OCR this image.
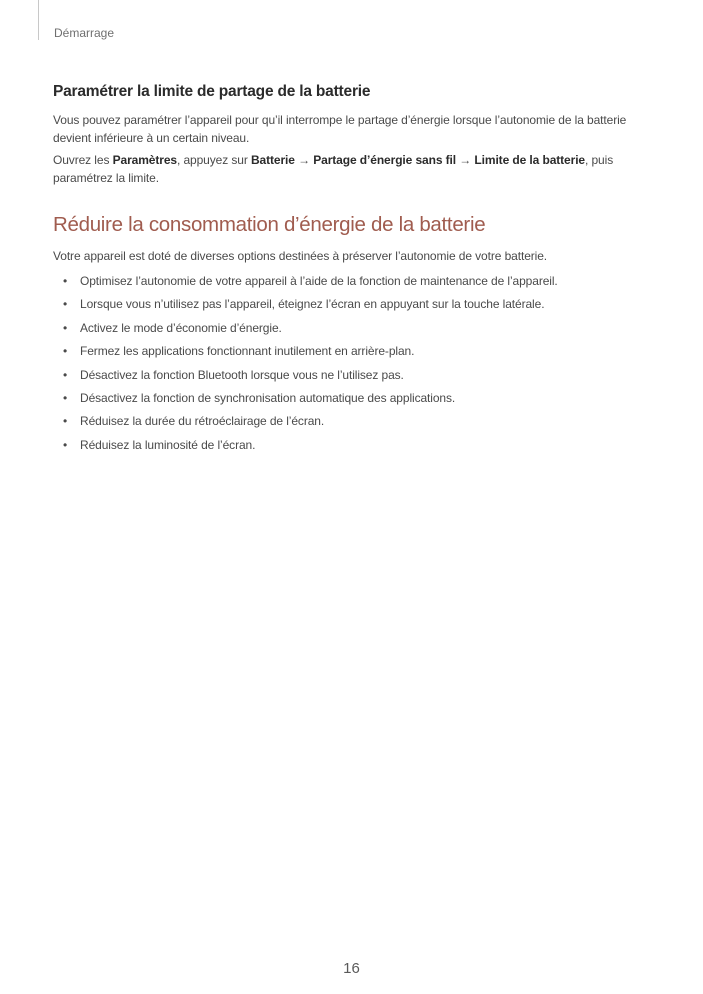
Démarrage
Paramétrer la limite de partage de la batterie

Vous pouvez paramétrer l’appareil pour qu’il interrompe le partage d’énergie lorsque l’autonomie de la batterie devient inférieure à un certain niveau.

Ouvrez les Paramètres, appuyez sur Batterie → Partage d’énergie sans fil → Limite de la batterie, puis paramétrez la limite.

Réduire la consommation d’énergie de la batterie

Votre appareil est doté de diverses options destinées à préserver l’autonomie de votre batterie.

• Optimisez l’autonomie de votre appareil à l’aide de la fonction de maintenance de l’appareil.
• Lorsque vous n’utilisez pas l’appareil, éteignez l’écran en appuyant sur la touche latérale.
• Activez le mode d’économie d’énergie.
• Fermez les applications fonctionnant inutilement en arrière-plan.
• Désactivez la fonction Bluetooth lorsque vous ne l’utilisez pas.
• Désactivez la fonction de synchronisation automatique des applications.
• Réduisez la durée du rétroéclairage de l’écran.
• Réduisez la luminosité de l’écran.
16
